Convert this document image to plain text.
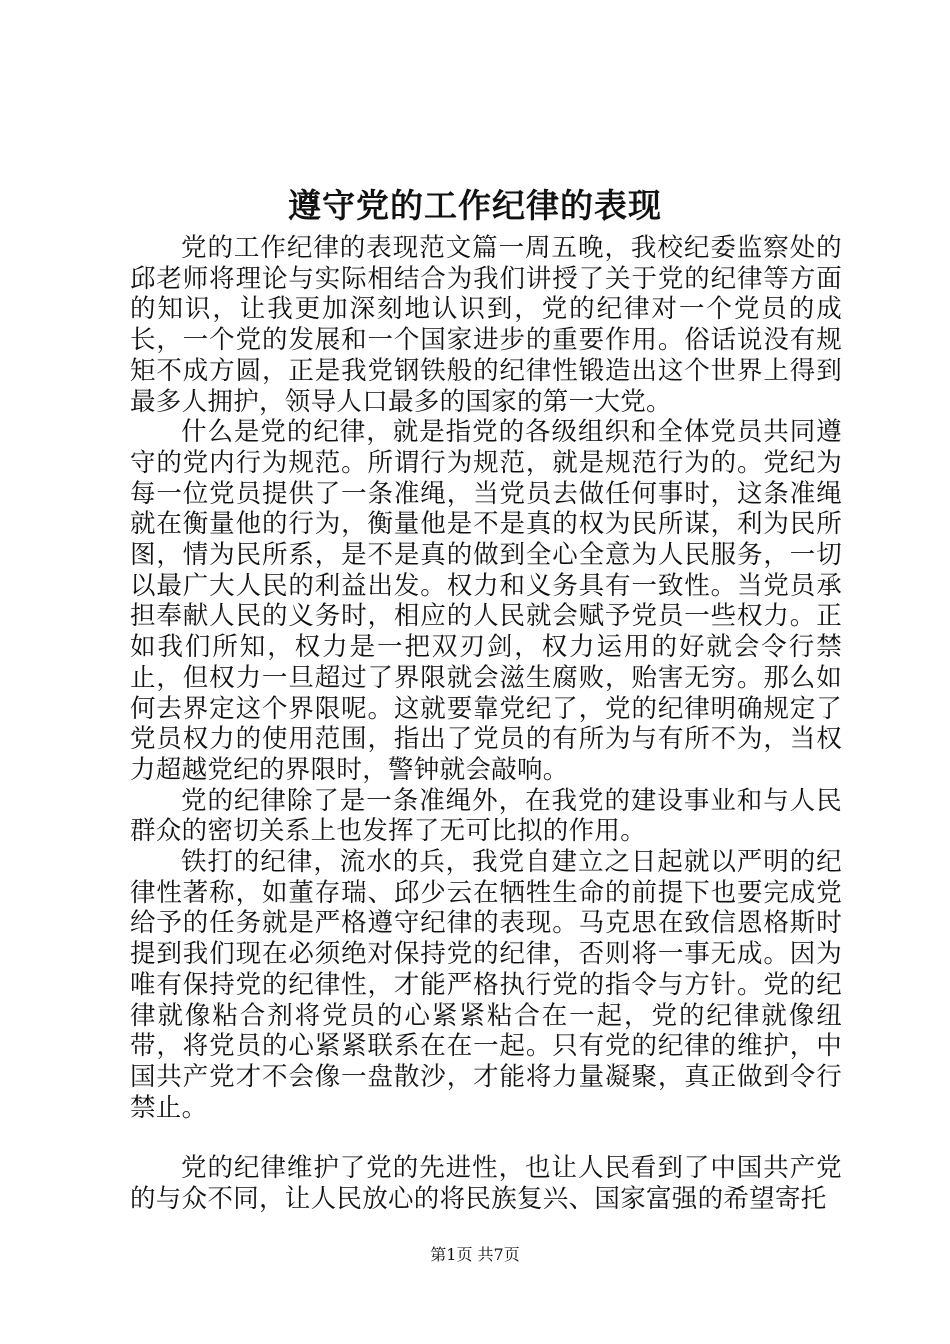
遵守党的工作纪律的表现

党的工作纪律的表现范文篇一周五晚，我校纪委监察处的邱老师将理论与实际相结合为我们讲授了关于党的纪律等方面的知识，让我更加深刻地认识到，党的纪律对一个党员的成长，一个党的发展和一个国家进步的重要作用。俗话说没有规矩不成方圆，正是我党钢铁般的纪律性锻造出这个世界上得到最多人拥护，领导人口最多的国家的第一大党。

什么是党的纪律，就是指党的各级组织和全体党员共同遵守的党内行为规范。所谓行为规范，就是规范行为的。党纪为每一位党员提供了一条准绳，当党员去做任何事时，这条准绳就在衡量他的行为，衡量他是不是真的权为民所谋，利为民所图，情为民所系，是不是真的做到全心全意为人民服务，一切以最广大人民的利益出发。权力和义务具有一致性。当党员承担奉献人民的义务时，相应的人民就会赋予党员一些权力。正如我们所知，权力是一把双刃剑，权力运用的好就会令行禁止，但权力一旦超过了界限就会滋生腐败，贻害无穷。那么如何去界定这个界限呢。这就要靠党纪了，党的纪律明确规定了党员权力的使用范围，指出了党员的有所为与有所不为，当权力超越党纪的界限时，警钟就会敲响。

党的纪律除了是一条准绳外，在我党的建设事业和与人民群众的密切关系上也发挥了无可比拟的作用。

铁打的纪律，流水的兵，我党自建立之日起就以严明的纪律性著称，如董存瑞、邱少云在牺牲生命的前提下也要完成党给予的任务就是严格遵守纪律的表现。马克思在致信恩格斯时提到我们现在必须绝对保持党的纪律，否则将一事无成。因为唯有保持党的纪律性，才能严格执行党的指令与方针。党的纪律就像粘合剂将党员的心紧紧粘合在一起，党的纪律就像纽带，将党员的心紧紧联系在在一起。只有党的纪律的维护，中国共产党才不会像一盘散沙，才能将力量凝聚，真正做到令行禁止。

党的纪律维护了党的先进性，也让人民看到了中国共产党的与众不同，让人民放心的将民族复兴、国家富强的希望寄托

第1页 共7页
